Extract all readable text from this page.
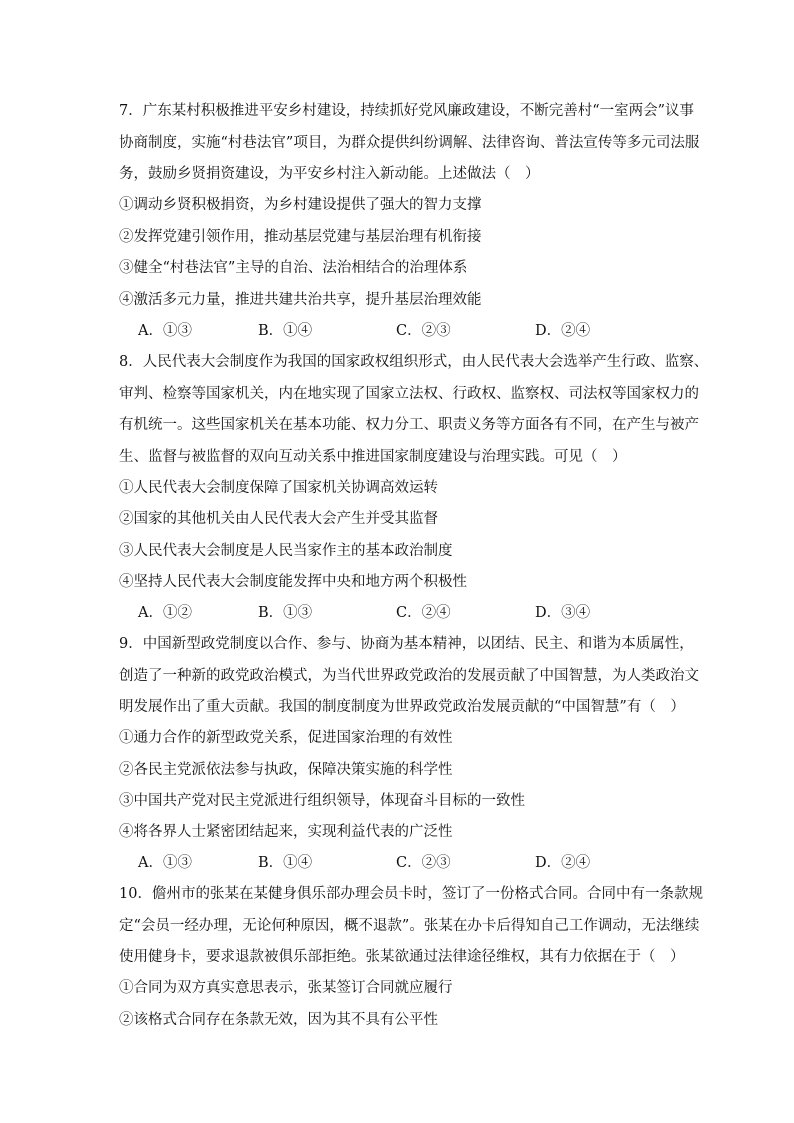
7．广东某村积极推进平安乡村建设，持续抓好党风廉政建设，不断完善村“一室两会”议事
协商制度，实施“村巷法官”项目，为群众提供纠纷调解、法律咨询、普法宣传等多元司法服
务，鼓励乡贤捐资建设，为平安乡村注入新动能。上述做法（　）
①调动乡贤积极捐资，为乡村建设提供了强大的智力支撑
②发挥党建引领作用，推动基层党建与基层治理有机衔接
③健全“村巷法官”主导的自治、法治相结合的治理体系
④激活多元力量，推进共建共治共享，提升基层治理效能
A．①③	B．①④	C．②③	D．②④
8．人民代表大会制度作为我国的国家政权组织形式，由人民代表大会选举产生行政、监察、
审判、检察等国家机关，内在地实现了国家立法权、行政权、监察权、司法权等国家权力的
有机统一。这些国家机关在基本功能、权力分工、职责义务等方面各有不同，在产生与被产
生、监督与被监督的双向互动关系中推进国家制度建设与治理实践。可见（　）
①人民代表大会制度保障了国家机关协调高效运转
②国家的其他机关由人民代表大会产生并受其监督
③人民代表大会制度是人民当家作主的基本政治制度
④坚持人民代表大会制度能发挥中央和地方两个积极性
A．①②	B．①③	C．②④	D．③④
9．中国新型政党制度以合作、参与、协商为基本精神，以团结、民主、和谐为本质属性，
创造了一种新的政党政治模式，为当代世界政党政治的发展贡献了中国智慧，为人类政治文
明发展作出了重大贡献。我国的制度制度为世界政党政治发展贡献的“中国智慧”有（　）
①通力合作的新型政党关系，促进国家治理的有效性
②各民主党派依法参与执政，保障决策实施的科学性
③中国共产党对民主党派进行组织领导，体现奋斗目标的一致性
④将各界人士紧密团结起来，实现利益代表的广泛性
A．①③	B．①④	C．②③	D．②④
10．儋州市的张某在某健身俱乐部办理会员卡时，签订了一份格式合同。合同中有一条款规
定“会员一经办理，无论何种原因，概不退款”。张某在办卡后得知自己工作调动，无法继续
使用健身卡，要求退款被俱乐部拒绝。张某欲通过法律途径维权，其有力依据在于（　）
①合同为双方真实意思表示，张某签订合同就应履行
②该格式合同存在条款无效，因为其不具有公平性
